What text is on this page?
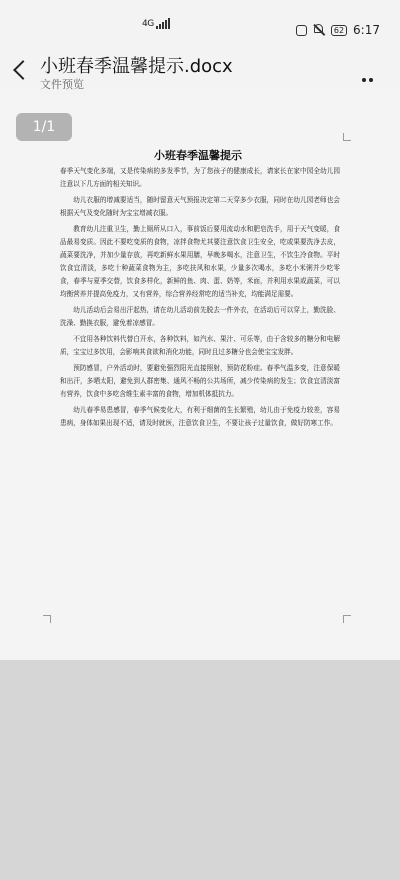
4G
62 6:17
小班春季温馨提示.docx
文件预览
小班春季温馨提示

春季天气变化多端，又是传染病的多发季节，为了您孩子的健康成长，请家长在家中园全幼儿园注意以下几方面的相关知识。

幼儿衣服的增减要适当，随时留意天气预报决定第二天穿多少衣服，同时在幼儿园老师也会根据天气及变化随时为宝宝增减衣服。

教育幼儿注重卫生，勤上厕所从口入，事前饭后要用流动水和肥皂洗手，用于天气变暖，食品最易变质。因此不要吃变质的食物，凉拌食物尤其要注意饮食卫生安全，吃或果要洗净去皮，蔬菜要洗净，并加少量存放，再吃新鲜水果用膳，早晚多喝水，注意卫生，不饮生冷食物。平时饮食宜清淡，多吃十种蔬菜食物为主，多吃扶风和水果，少量多次喝水，多吃小米粥并少吃零食，春季与夏季交替，饮食多样化，新鲜的鱼、肉、蛋、奶等，米面，并利用水果或蔬菜，可以均衡营养并提高免疫力，又有营养，综合营养经常吃的适当补充，均能满足需要。

幼儿活动后会易出汗起热，请在幼儿活动前先脱去一件外衣，在活动后可以穿上，勤洗脸、洗澡、勤换衣服，避免着凉感冒。

不宜用各种饮料代替白开水，各种饮料，如汽水、果汁、可乐等，由于含较多的糖分和电解质，宝宝过多饮用，会影响其食欲和消化功能，同时且过多糖分也会使宝宝发胖。

预防感冒，户外活动时，要避免强烈阳光直接照射，预防花粉症。春季气温多变，注意保暖和出汗，多晒太阳，避免到人群密集、通风不畅的公共场所，减少传染病的发生；饮食宜清淡富有营养，饮食中多吃含维生素丰富的食物，增加机体抵抗力。

幼儿春季易患感冒，春季气候变化大，有利于细菌的生长繁殖，幼儿由于免疫力较差，容易患病，身体如果出现不适，请及时就医，注意饮食卫生，不要让孩子过量饮食，做好防寒工作。

1/1
